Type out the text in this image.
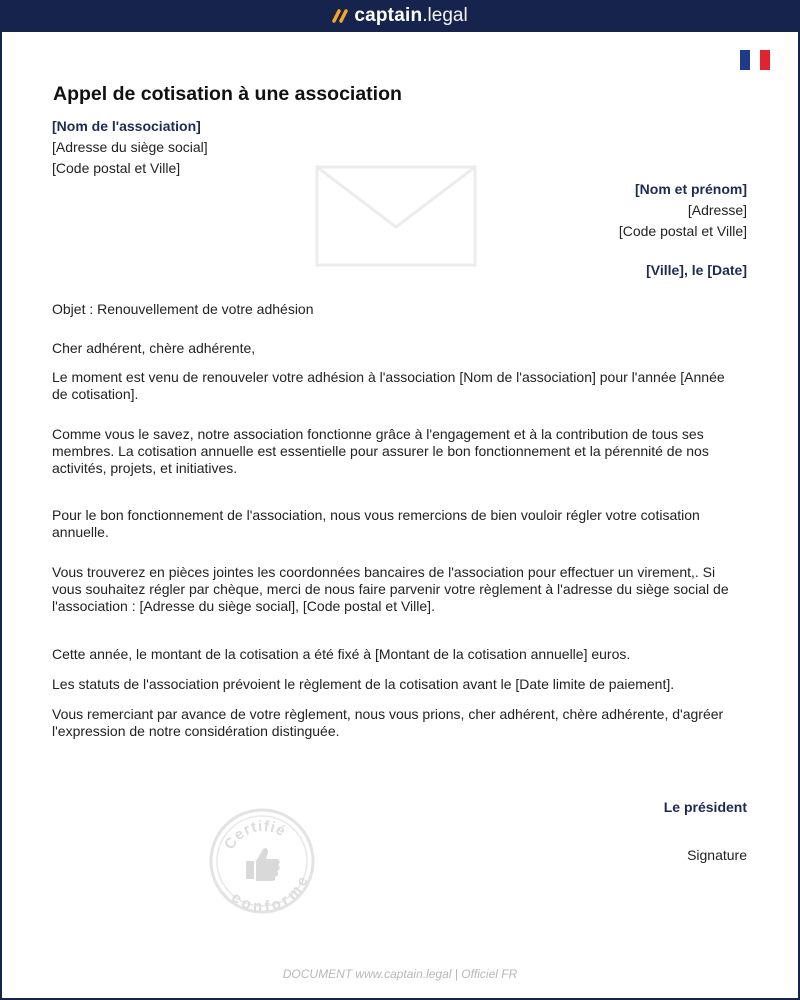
captain .legal
Appel de cotisation à une association
[Nom de l'association]
[Adresse du siège social]
[Code postal et Ville]
[Nom et prénom]
[Adresse]
[Code postal et Ville]
[Ville], le [Date]
Objet : Renouvellement de votre adhésion
Cher adhérent, chère adhérente,
Le moment est venu de renouveler votre adhésion à l'association [Nom de l'association] pour l'année [Année de cotisation].
Comme vous le savez, notre association fonctionne grâce à l'engagement et à la contribution de tous ses membres. La cotisation annuelle est essentielle pour assurer le bon fonctionnement et la pérennité de nos activités, projets, et initiatives.
Pour le bon fonctionnement de l'association, nous vous remercions de bien vouloir régler votre cotisation annuelle.
Vous trouverez en pièces jointes les coordonnées bancaires de l'association pour effectuer un virement,. Si vous souhaitez régler par chèque, merci de nous faire parvenir votre règlement à l'adresse du siège social de l'association : [Adresse du siège social], [Code postal et Ville].
Cette année, le montant de la cotisation a été fixé à [Montant de la cotisation annuelle] euros.
Les statuts de l'association prévoient le règlement de la cotisation avant le [Date limite de paiement].
Vous remerciant par avance de votre règlement, nous vous prions, cher adhérent, chère adhérente, d'agréer l'expression de notre considération distinguée.
Le président
Signature
Certifié
conforme
DOCUMENT www.captain.legal | Officiel FR
